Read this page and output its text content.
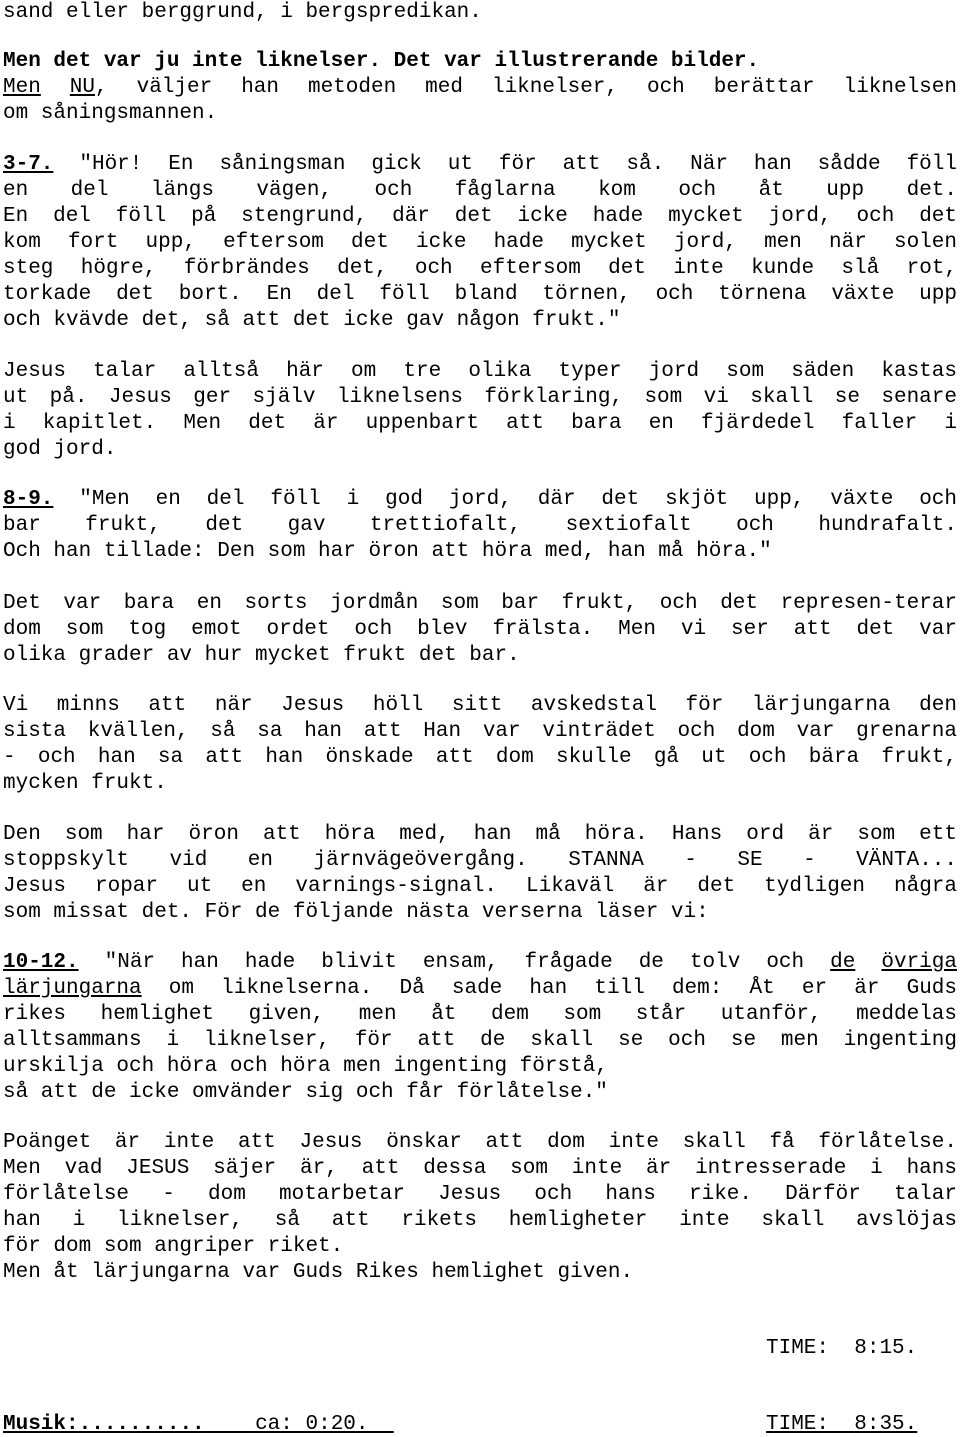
sand eller berggrund, i bergspredikan.
Men det var ju inte liknelser. Det var illustrerande bilder.
Men NU, väljer han metoden med liknelser, och berättar liknelsen
om såningsmannen.
3-7. "Hör! En såningsman gick ut för att så. När han sådde föll
en del längs vägen, och fåglarna kom och åt upp det.
En del föll på stengrund, där det icke hade mycket jord, och det
kom fort upp, eftersom det icke hade mycket jord, men när solen
steg högre, förbrändes det, och eftersom det inte kunde slå rot,
torkade det bort. En del föll bland törnen, och törnena växte upp
och kvävde det, så att det icke gav någon frukt."
Jesus talar alltså här om tre olika typer jord som säden kastas
ut på. Jesus ger själv liknelsens förklaring, som vi skall se senare
i kapitlet. Men det är uppenbart att bara en fjärdedel faller i
god jord.
8-9. "Men en del föll i god jord, där det skjöt upp, växte och
bar frukt, det gav trettiofalt, sextiofalt och hundrafalt.
Och han tillade: Den som har öron att höra med, han må höra."
Det var bara en sorts jordmån som bar frukt, och det represen-terar
dom som tog emot ordet och blev frälsta. Men vi ser att det var
olika grader av hur mycket frukt det bar.
Vi minns att när Jesus höll sitt avskedstal för lärjungarna den
sista kvällen, så sa han att Han var vinträdet och dom var grenarna
- och han sa att han önskade att dom skulle gå ut och bära frukt,
mycken frukt.
Den som har öron att höra med, han må höra. Hans ord är som ett
stoppskylt vid en järnvägeövergång. STANNA - SE - VÄNTA...
Jesus ropar ut en varnings-signal. Likaväl är det tydligen några
som missat det. För de följande nästa verserna läser vi:
10-12. "När han hade blivit ensam, frågade de tolv och de övriga
lärjungarna om liknelserna. Då sade han till dem: Åt er är Guds
rikes hemlighet given, men åt dem som står utanför, meddelas
alltsammans i liknelser, för att de skall se och se men ingenting
urskilja och höra och höra men ingenting förstå,
så att de icke omvänder sig och får förlåtelse."
Poänget är inte att Jesus önskar att dom inte skall få förlåtelse.
Men vad JESUS säjer är, att dessa som inte är intresserade i hans
förlåtelse - dom motarbetar Jesus och hans rike. Därför talar
han i liknelser, så att rikets hemligheter inte skall avslöjas
för dom som angriper riket.
Men åt lärjungarna var Guds Rikes hemlighet given.
TIME: 8:15.
Musik:.......... ca: 0:20.	TIME: 8:35.
